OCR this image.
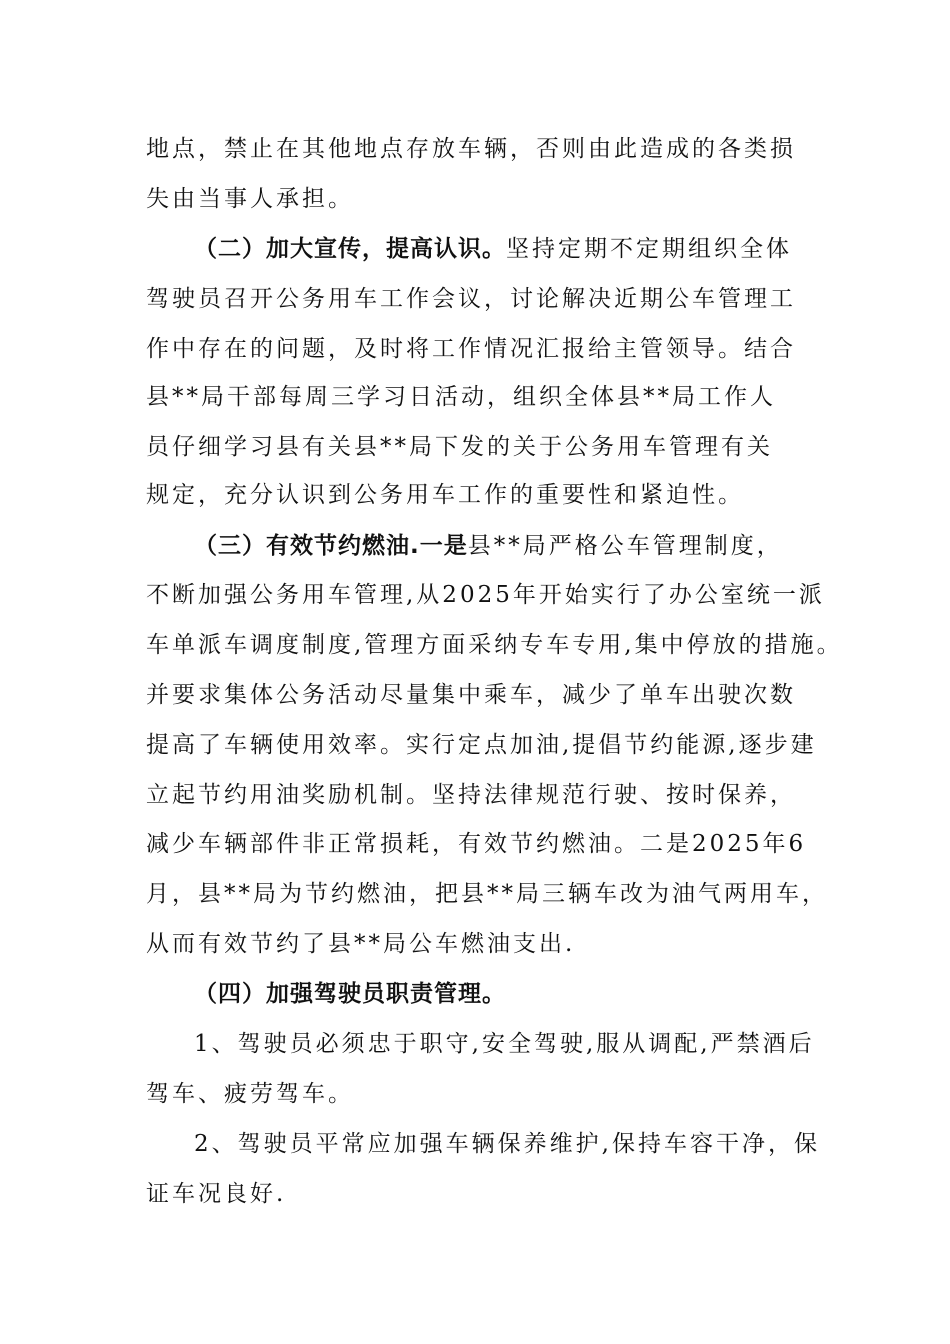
地点，禁止在其他地点存放车辆，否则由此造成的各类损
失由当事人承担。
（二）加大宣传，提高认识。坚持定期不定期组织全体
驾驶员召开公务用车工作会议，讨论解决近期公车管理工
作中存在的问题，及时将工作情况汇报给主管领导。结合
县**局干部每周三学习日活动，组织全体县**局工作人
员仔细学习县有关县**局下发的关于公务用车管理有关
规定，充分认识到公务用车工作的重要性和紧迫性。
（三）有效节约燃油.一是县**局严格公车管理制度，
不断加强公务用车管理,从2025年开始实行了办公室统一派
车单派车调度制度,管理方面采纳专车专用,集中停放的措施。
并要求集体公务活动尽量集中乘车，减少了单车出驶次数
提高了车辆使用效率。实行定点加油,提倡节约能源,逐步建
立起节约用油奖励机制。坚持法律规范行驶、按时保养，
减少车辆部件非正常损耗，有效节约燃油。二是2025年6
月，县**局为节约燃油，把县**局三辆车改为油气两用车，
从而有效节约了县**局公车燃油支出.
（四）加强驾驶员职责管理。
1、驾驶员必须忠于职守,安全驾驶,服从调配,严禁酒后
驾车、疲劳驾车。
2、驾驶员平常应加强车辆保养维护,保持车容干净，保
证车况良好.
